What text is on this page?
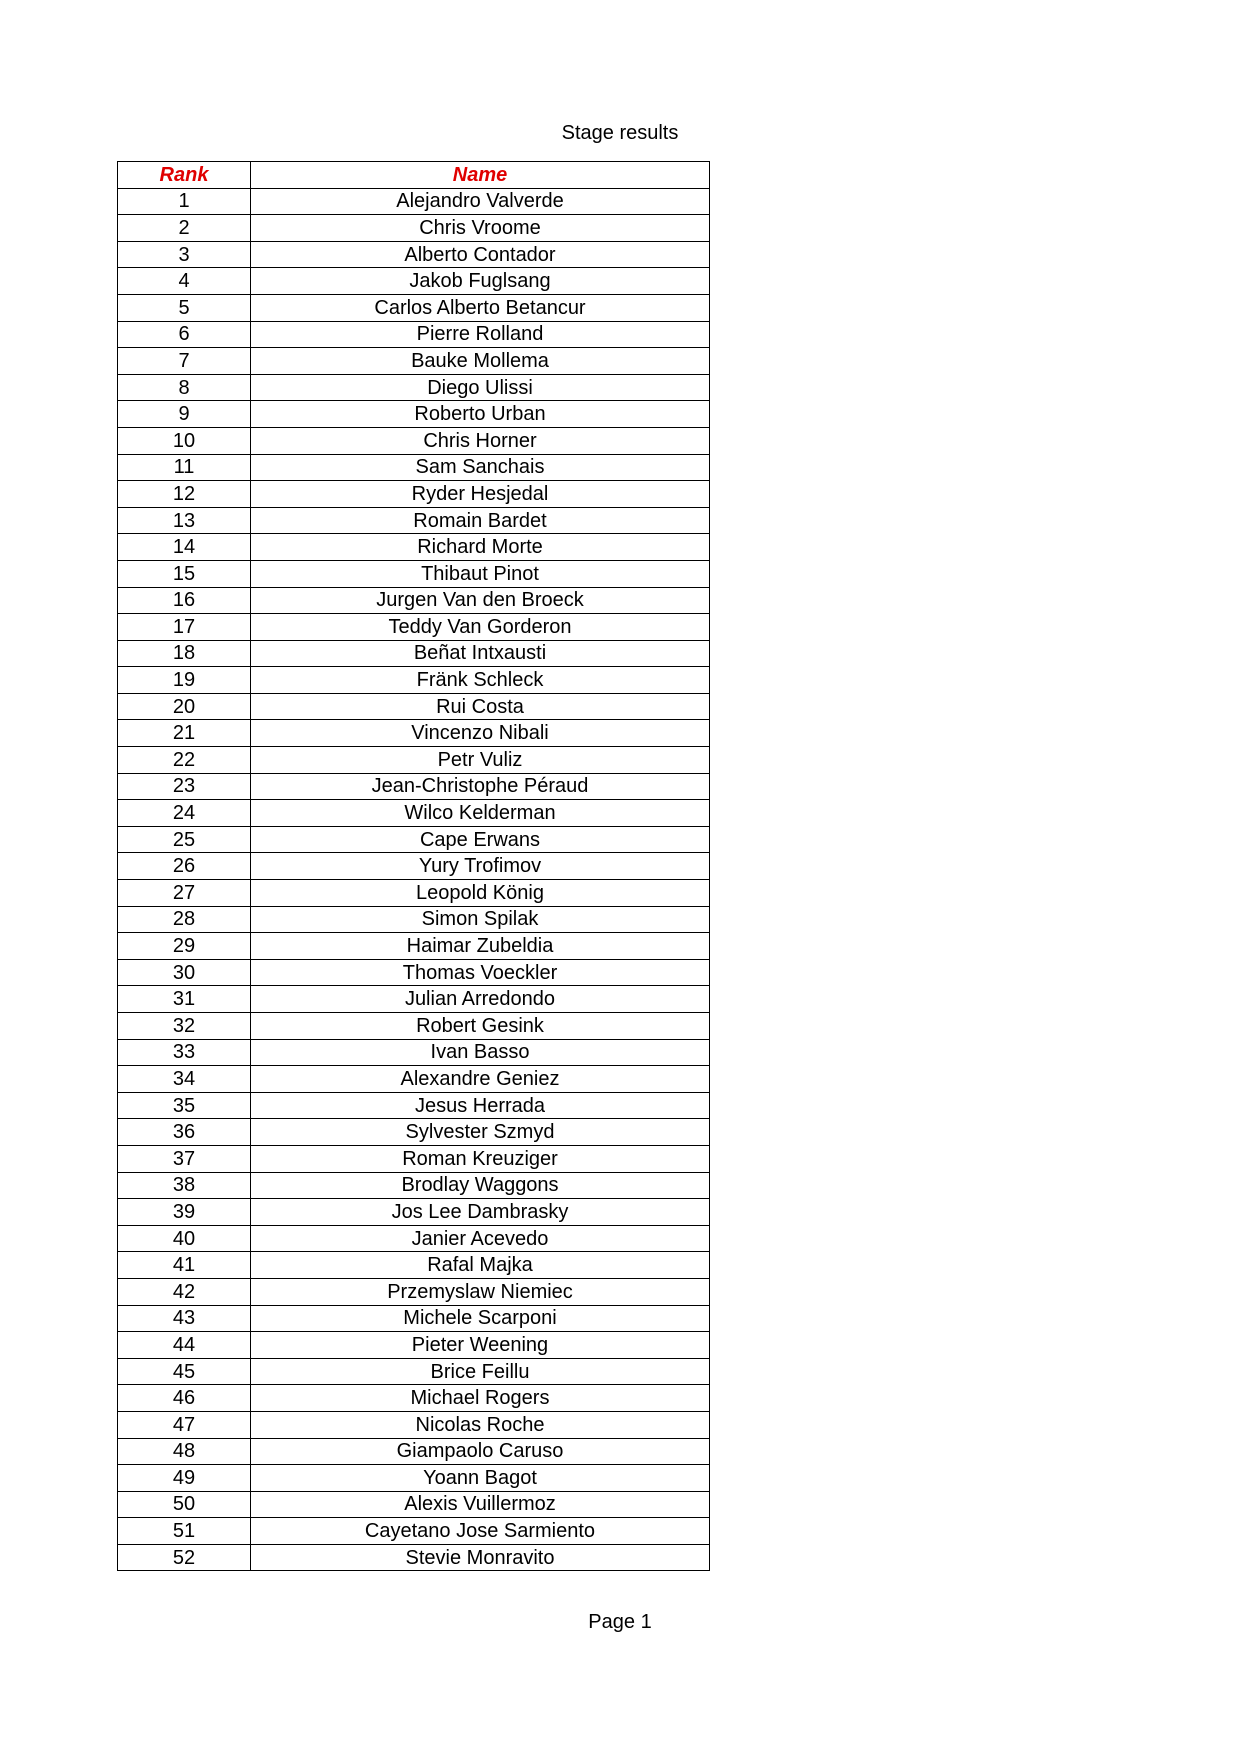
Stage results
Rank	Name
1	Alejandro Valverde
2	Chris Vroome
3	Alberto Contador
4	Jakob Fuglsang
5	Carlos Alberto Betancur
6	Pierre Rolland
7	Bauke Mollema
8	Diego Ulissi
9	Roberto Urban
10	Chris Horner
11	Sam Sanchais
12	Ryder Hesjedal
13	Romain Bardet
14	Richard Morte
15	Thibaut Pinot
16	Jurgen Van den Broeck
17	Teddy Van Gorderon
18	Beñat Intxausti
19	Fränk Schleck
20	Rui Costa
21	Vincenzo Nibali
22	Petr Vuliz
23	Jean-Christophe Péraud
24	Wilco Kelderman
25	Cape Erwans
26	Yury Trofimov
27	Leopold König
28	Simon Spilak
29	Haimar Zubeldia
30	Thomas Voeckler
31	Julian Arredondo
32	Robert Gesink
33	Ivan Basso
34	Alexandre Geniez
35	Jesus Herrada
36	Sylvester Szmyd
37	Roman Kreuziger
38	Brodlay Waggons
39	Jos Lee Dambrasky
40	Janier Acevedo
41	Rafal Majka
42	Przemyslaw Niemiec
43	Michele Scarponi
44	Pieter Weening
45	Brice Feillu
46	Michael Rogers
47	Nicolas Roche
48	Giampaolo Caruso
49	Yoann Bagot
50	Alexis Vuillermoz
51	Cayetano Jose Sarmiento
52	Stevie Monravito
Page 1
